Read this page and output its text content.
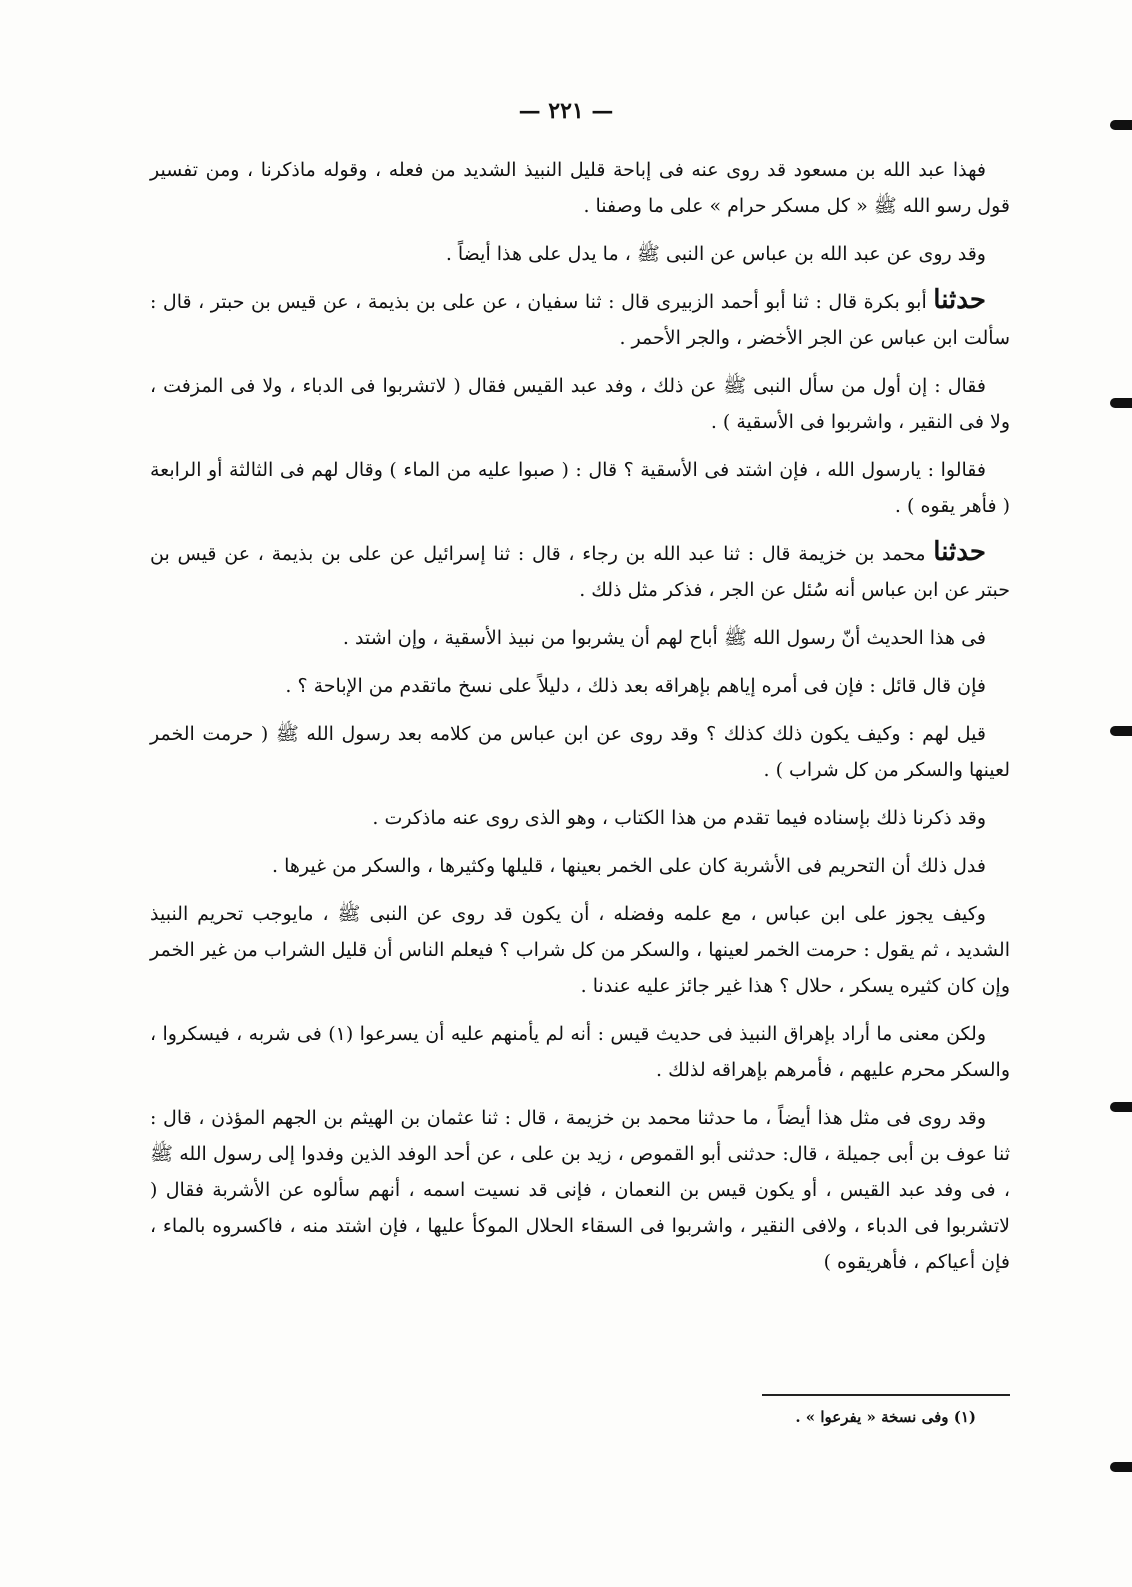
— ٢٢١ —

فهذا عبد الله بن مسعود قد روى عنه فى إباحة قليل النبيذ الشديد من فعله ، وقوله ماذكرنا ، ومن تفسير قول رسو الله ﷺ « كل مسكر حرام » على ما وصفنا .

وقد روى عن عبد الله بن عباس عن النبى ﷺ ، ما يدل على هذا أيضاً .

حدثنا أبو بكرة قال : ثنا أبو أحمد الزبيرى قال : ثنا سفيان ، عن على بن بذيمة ، عن قيس بن حبتر ، قال : سألت ابن عباس عن الجر الأخضر ، والجر الأحمر .

فقال : إن أول من سأل النبى ﷺ عن ذلك ، وفد عبد القيس فقال ( لاتشربوا فى الدباء ، ولا فى المزفت ، ولا فى النقير ، واشربوا فى الأسقية ) .

فقالوا : يارسول الله ، فإن اشتد فى الأسقية ؟ قال : ( صبوا عليه من الماء ) وقال لهم فى الثالثة أو الرابعة ( فأهر يقوه ) .

حدثنا محمد بن خزيمة قال : ثنا عبد الله بن رجاء ، قال : ثنا إسرائيل عن على بن بذيمة ، عن قيس بن حبتر عن ابن عباس أنه سُئل عن الجر ، فذكر مثل ذلك .

فى هذا الحديث أنّ رسول الله ﷺ أباح لهم أن يشربوا من نبيذ الأسقية ، وإن اشتد .

فإن قال قائل : فإن فى أمره إياهم بإهراقه بعد ذلك ، دليلاً على نسخ ماتقدم من الإباحة ؟ .

قيل لهم : وكيف يكون ذلك كذلك ؟ وقد روى عن ابن عباس من كلامه بعد رسول الله ﷺ ( حرمت الخمر لعينها والسكر من كل شراب ) .

وقد ذكرنا ذلك بإسناده فيما تقدم من هذا الكتاب ، وهو الذى روى عنه ماذكرت .

فدل ذلك أن التحريم فى الأشربة كان على الخمر بعينها ، قليلها وكثيرها ، والسكر من غيرها .

وكيف يجوز على ابن عباس ، مع علمه وفضله ، أن يكون قد روى عن النبى ﷺ ، مايوجب تحريم النبيذ الشديد ، ثم يقول : حرمت الخمر لعينها ، والسكر من كل شراب ؟ فيعلم الناس أن قليل الشراب من غير الخمر وإن كان كثيره يسكر ، حلال ؟ هذا غير جائز عليه عندنا .

ولكن معنى ما أراد بإهراق النبيذ فى حديث قيس : أنه لم يأمنهم عليه أن يسرعوا (١) فى شربه ، فيسكروا ، والسكر محرم عليهم ، فأمرهم بإهراقه لذلك .

وقد روى فى مثل هذا أيضاً ، ما حدثنا محمد بن خزيمة ، قال : ثنا عثمان بن الهيثم بن الجهم المؤذن ، قال : ثنا عوف بن أبى جميلة ، قال: حدثنى أبو القموص ، زيد بن على ، عن أحد الوفد الذين وفدوا إلى رسول الله ﷺ ، فى وفد عبد القيس ، أو يكون قيس بن النعمان ، فإنى قد نسيت اسمه ، أنهم سألوه عن الأشربة فقال ( لاتشربوا فى الدباء ، ولافى النقير ، واشربوا فى السقاء الحلال الموكأ عليها ، فإن اشتد منه ، فاكسروه بالماء ، فإن أعياكم ، فأهريقوه )

(١) وفى نسخة « يفرعوا » .
